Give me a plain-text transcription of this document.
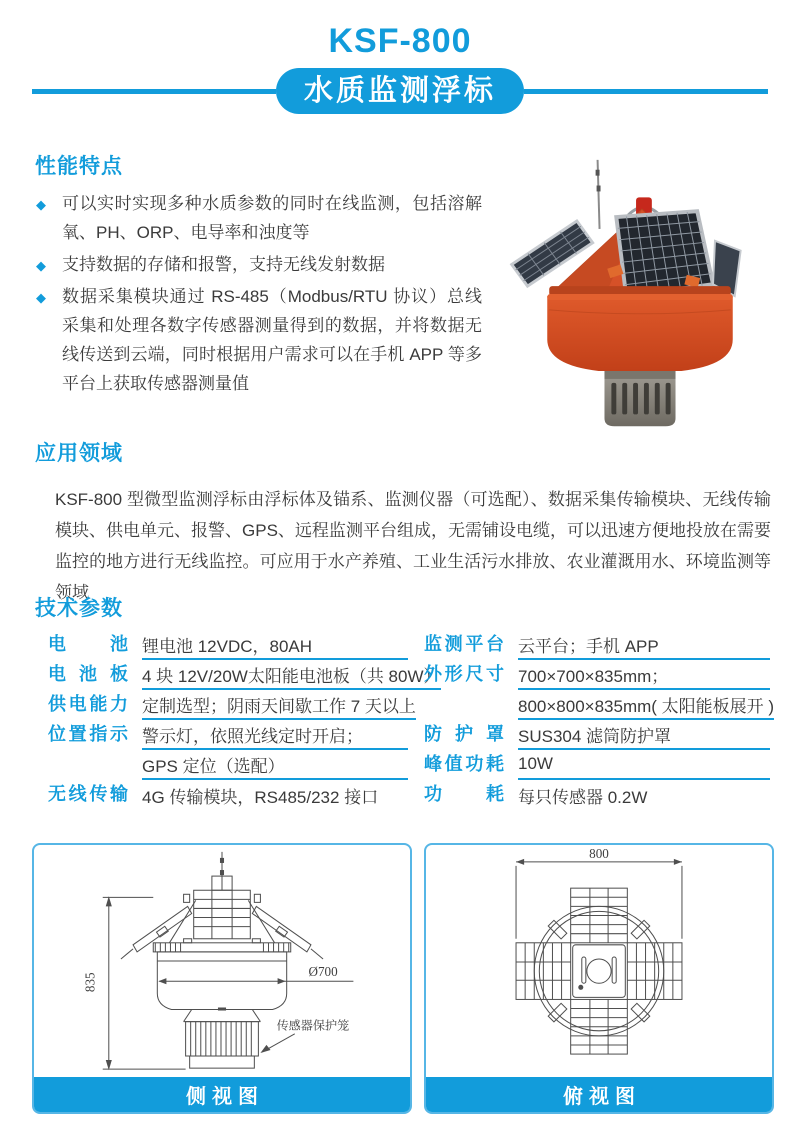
KSF-800
水质监测浮标
性能特点
◆ 可以实时实现多种水质参数的同时在线监测，包括溶解氧、PH、ORP、电导率和浊度等
◆ 支持数据的存储和报警，支持无线发射数据
◆ 数据采集模块通过 RS-485（Modbus/RTU 协议）总线采集和处理各数字传感器测量得到的数据，并将数据无线传送到云端，同时根据用户需求可以在手机 APP 等多平台上获取传感器测量值
应用领域

KSF-800 型微型监测浮标由浮标体及锚系、监测仪器（可选配）、数据采集传输模块、无线传输模块、供电单元、报警、GPS、远程监测平台组成，无需铺设电缆，可以迅速方便地投放在需要监控的地方进行无线监控。可应用于水产养殖、工业生活污水排放、农业灌溉用水、环境监测等领域

技术参数
电池 锂电池 12VDC，80AH
电池板 4 块 12V/20W太阳能电池板（共 80W）
供电能力 定制选型；阴雨天间歇工作 7 天以上
位置指示 警示灯，依照光线定时开启；
GPS 定位（选配）
无线传输 4G 传输模块，RS485/232 接口
监测平台 云平台；手机 APP
外形尺寸 700×700×835mm；
800×800×835mm( 太阳能板展开 )
防护罩 SUS304 滤筒防护罩
峰值功耗 10W
功耗 每只传感器 0.2W
835
Ø700
传感器保护笼
侧视图
800
俯视图
